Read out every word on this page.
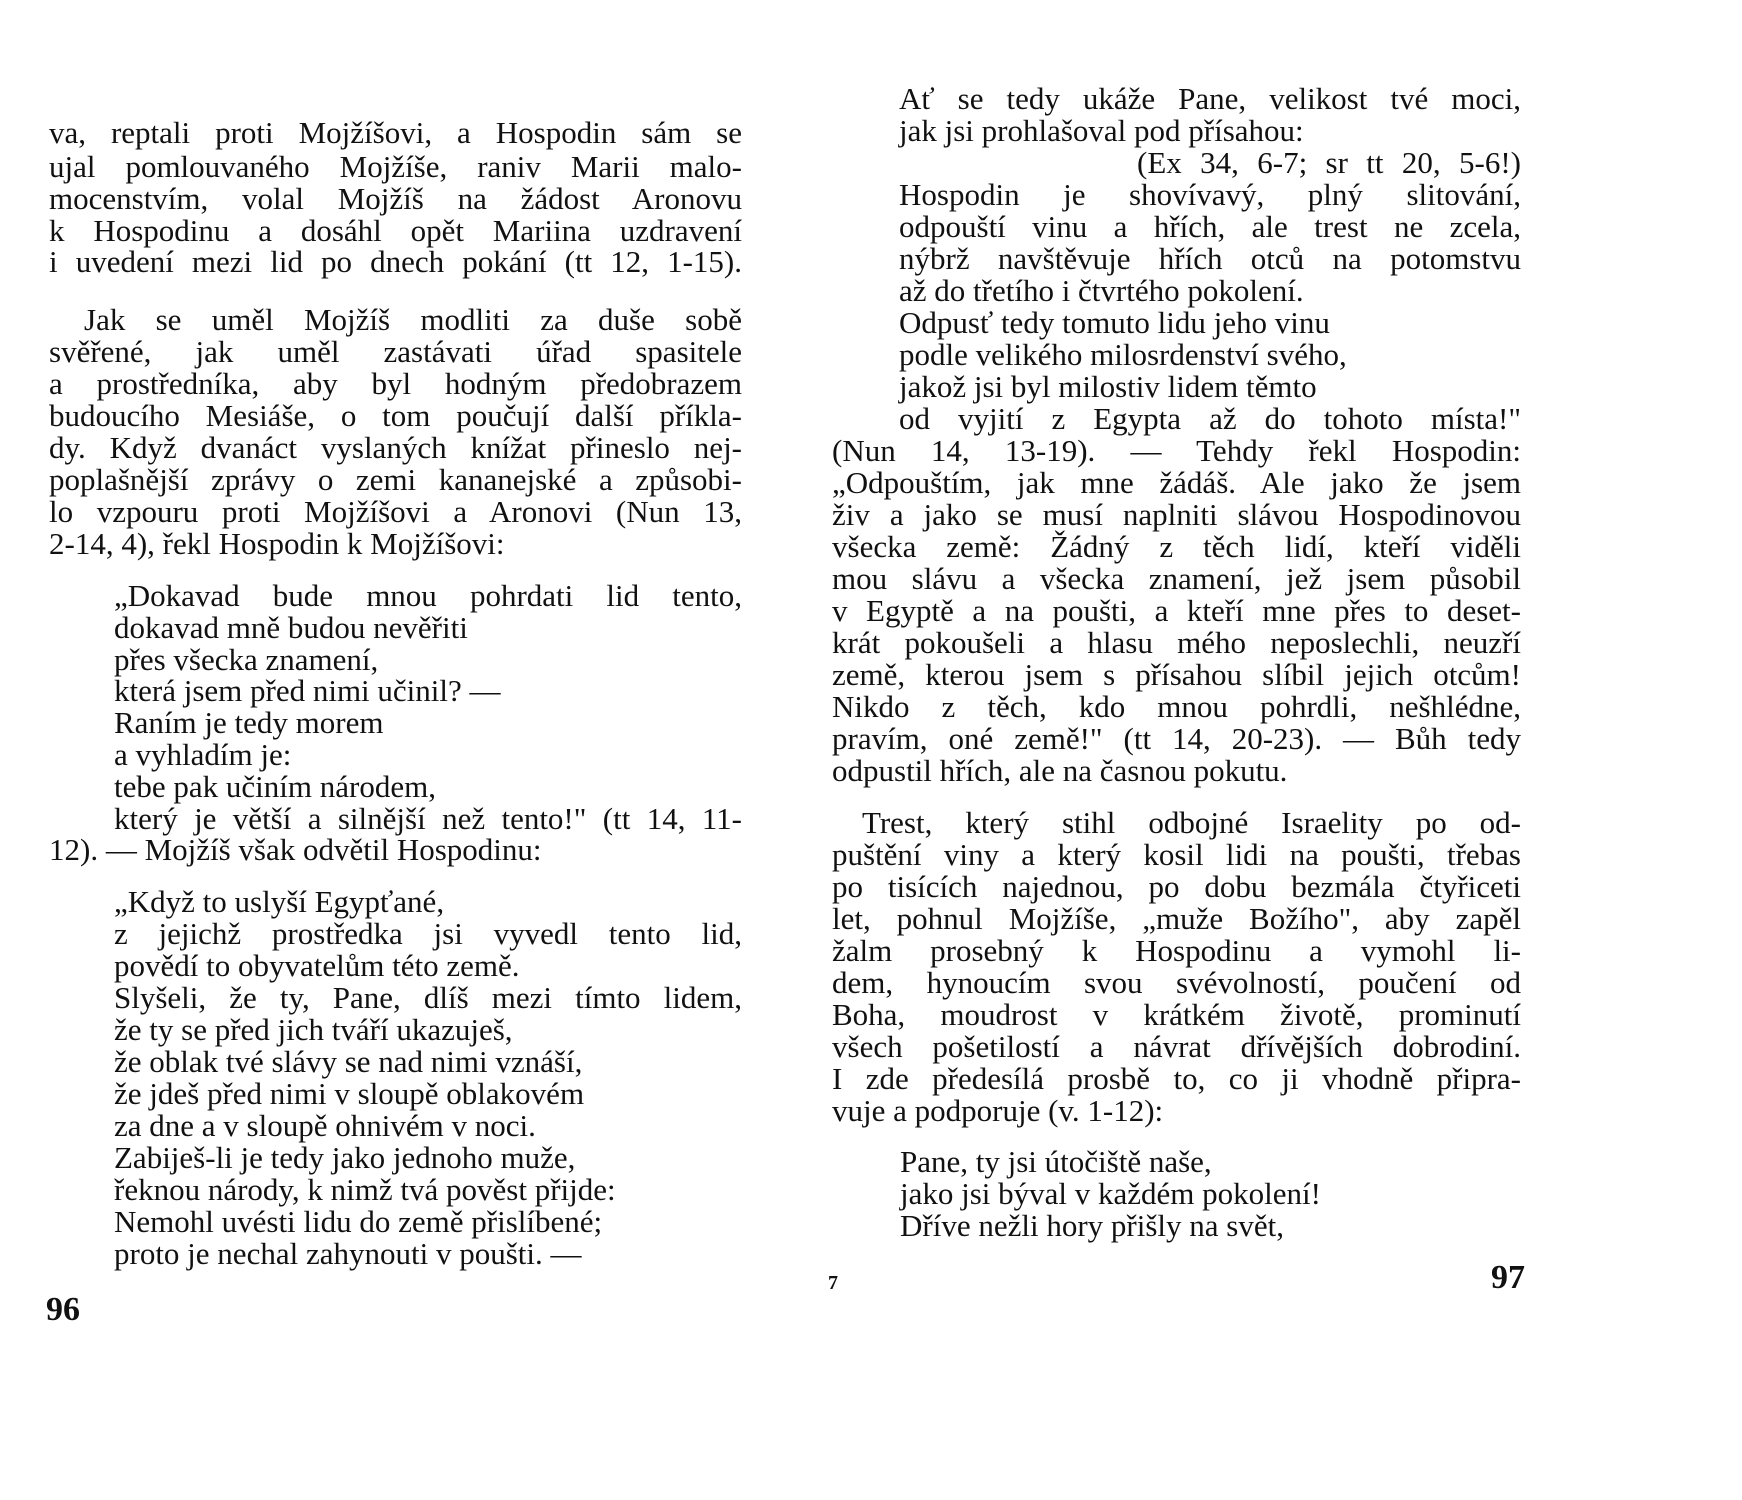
va, reptali proti Mojžíšovi, a Hospodin sám se
ujal pomlouvaného Mojžíše, raniv Marii malo-
mocenstvím, volal Mojžíš na žádost Aronovu
k Hospodinu a dosáhl opět Mariina uzdravení
i uvedení mezi lid po dnech pokání (tt 12, 1-15).
Jak se uměl Mojžíš modliti za duše sobě
svěřené, jak uměl zastávati úřad spasitele
a prostředníka, aby byl hodným předobrazem
budoucího Mesiáše, o tom poučují další příkla-
dy. Když dvanáct vyslaných knížat přineslo nej-
poplašnější zprávy o zemi kananejské a způsobi-
lo vzpouru proti Mojžíšovi a Aronovi (Nun 13,
2-14, 4), řekl Hospodin k Mojžíšovi:
„Dokavad bude mnou pohrdati lid tento,
dokavad mně budou nevěřiti
přes všecka znamení,
která jsem před nimi učinil? —
Raním je tedy morem
a vyhladím je:
tebe pak učiním národem,
který je větší a silnější než tento!" (tt 14, 11-
12). — Mojžíš však odvětil Hospodinu:
„Když to uslyší Egypťané,
z jejichž prostředka jsi vyvedl tento lid,
povědí to obyvatelům této země.
Slyšeli, že ty, Pane, dlíš mezi tímto lidem,
že ty se před jich tváří ukazuješ,
že oblak tvé slávy se nad nimi vznáší,
že jdeš před nimi v sloupě oblakovém
za dne a v sloupě ohnivém v noci.
Zabiješ-li je tedy jako jednoho muže,
řeknou národy, k nimž tvá pověst přijde:
Nemohl uvésti lidu do země přislíbené;
proto je nechal zahynouti v poušti. —
96
Ať se tedy ukáže Pane, velikost tvé moci,
jak jsi prohlašoval pod přísahou:
(Ex 34, 6-7; sr tt 20, 5-6!)
Hospodin je shovívavý, plný slitování,
odpouští vinu a hřích, ale trest ne zcela,
nýbrž navštěvuje hřích otců na potomstvu
až do třetího i čtvrtého pokolení.
Odpusť tedy tomuto lidu jeho vinu
podle velikého milosrdenství svého,
jakož jsi byl milostiv lidem těmto
od vyjití z Egypta až do tohoto místa!"
(Nun 14, 13-19). — Tehdy řekl Hospodin:
„Odpouštím, jak mne žádáš. Ale jako že jsem
živ a jako se musí naplniti slávou Hospodinovou
všecka země: Žádný z těch lidí, kteří viděli
mou slávu a všecka znamení, jež jsem působil
v Egyptě a na poušti, a kteří mne přes to deset-
krát pokoušeli a hlasu mého neposlechli, neuzří
země, kterou jsem s přísahou slíbil jejich otcům!
Nikdo z těch, kdo mnou pohrdli, nešhlédne,
pravím, oné země!" (tt 14, 20-23). — Bůh tedy
odpustil hřích, ale na časnou pokutu.
Trest, který stihl odbojné Israelity po od-
puštění viny a který kosil lidi na poušti, třebas
po tisících najednou, po dobu bezmála čtyřiceti
let, pohnul Mojžíše, „muže Božího", aby zapěl
žalm prosebný k Hospodinu a vymohl li-
dem, hynoucím svou svévolností, poučení od
Boha, moudrost v krátkém životě, prominutí
všech pošetilostí a návrat dřívějších dobrodiní.
I zde předesílá prosbě to, co ji vhodně připra-
vuje a podporuje (v. 1-12):
Pane, ty jsi útočiště naše,
jako jsi býval v každém pokolení!
Dříve nežli hory přišly na svět,
97
7
